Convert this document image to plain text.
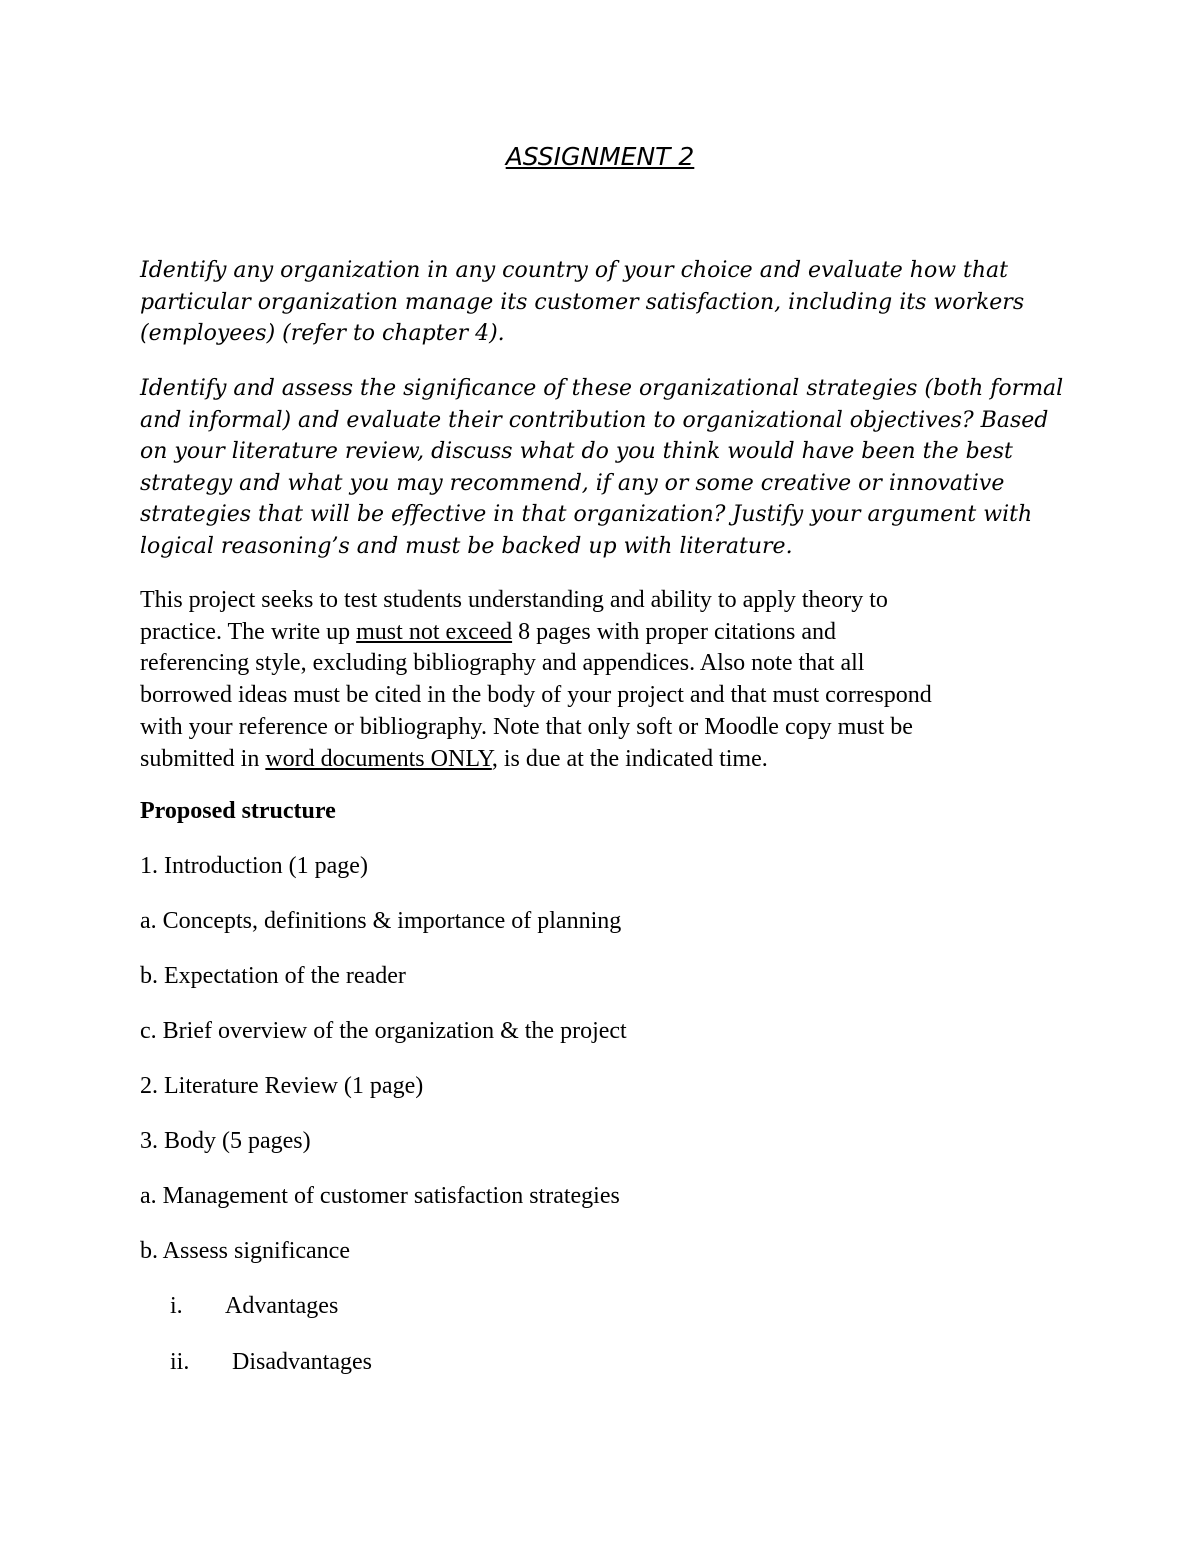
ASSIGNMENT 2

Identify any organization in any country of your choice and evaluate how that
particular organization manage its customer satisfaction, including its workers
(employees) (refer to chapter 4).

Identify and assess the significance of these organizational strategies (both formal
and informal) and evaluate their contribution to organizational objectives? Based
on your literature review, discuss what do you think would have been the best
strategy and what you may recommend, if any or some creative or innovative
strategies that will be effective in that organization? Justify your argument with
logical reasoning’s and must be backed up with literature.

This project seeks to test students understanding and ability to apply theory to
practice. The write up must not exceed 8 pages with proper citations and
referencing style, excluding bibliography and appendices. Also note that all
borrowed ideas must be cited in the body of your project and that must correspond
with your reference or bibliography. Note that only soft or Moodle copy must be
submitted in word documents ONLY, is due at the indicated time.

Proposed structure

1. Introduction (1 page)

a. Concepts, definitions & importance of planning

b. Expectation of the reader

c. Brief overview of the organization & the project

2. Literature Review (1 page)

3. Body (5 pages)

a. Management of customer satisfaction strategies

b. Assess significance

i. Advantages

ii. Disadvantages
